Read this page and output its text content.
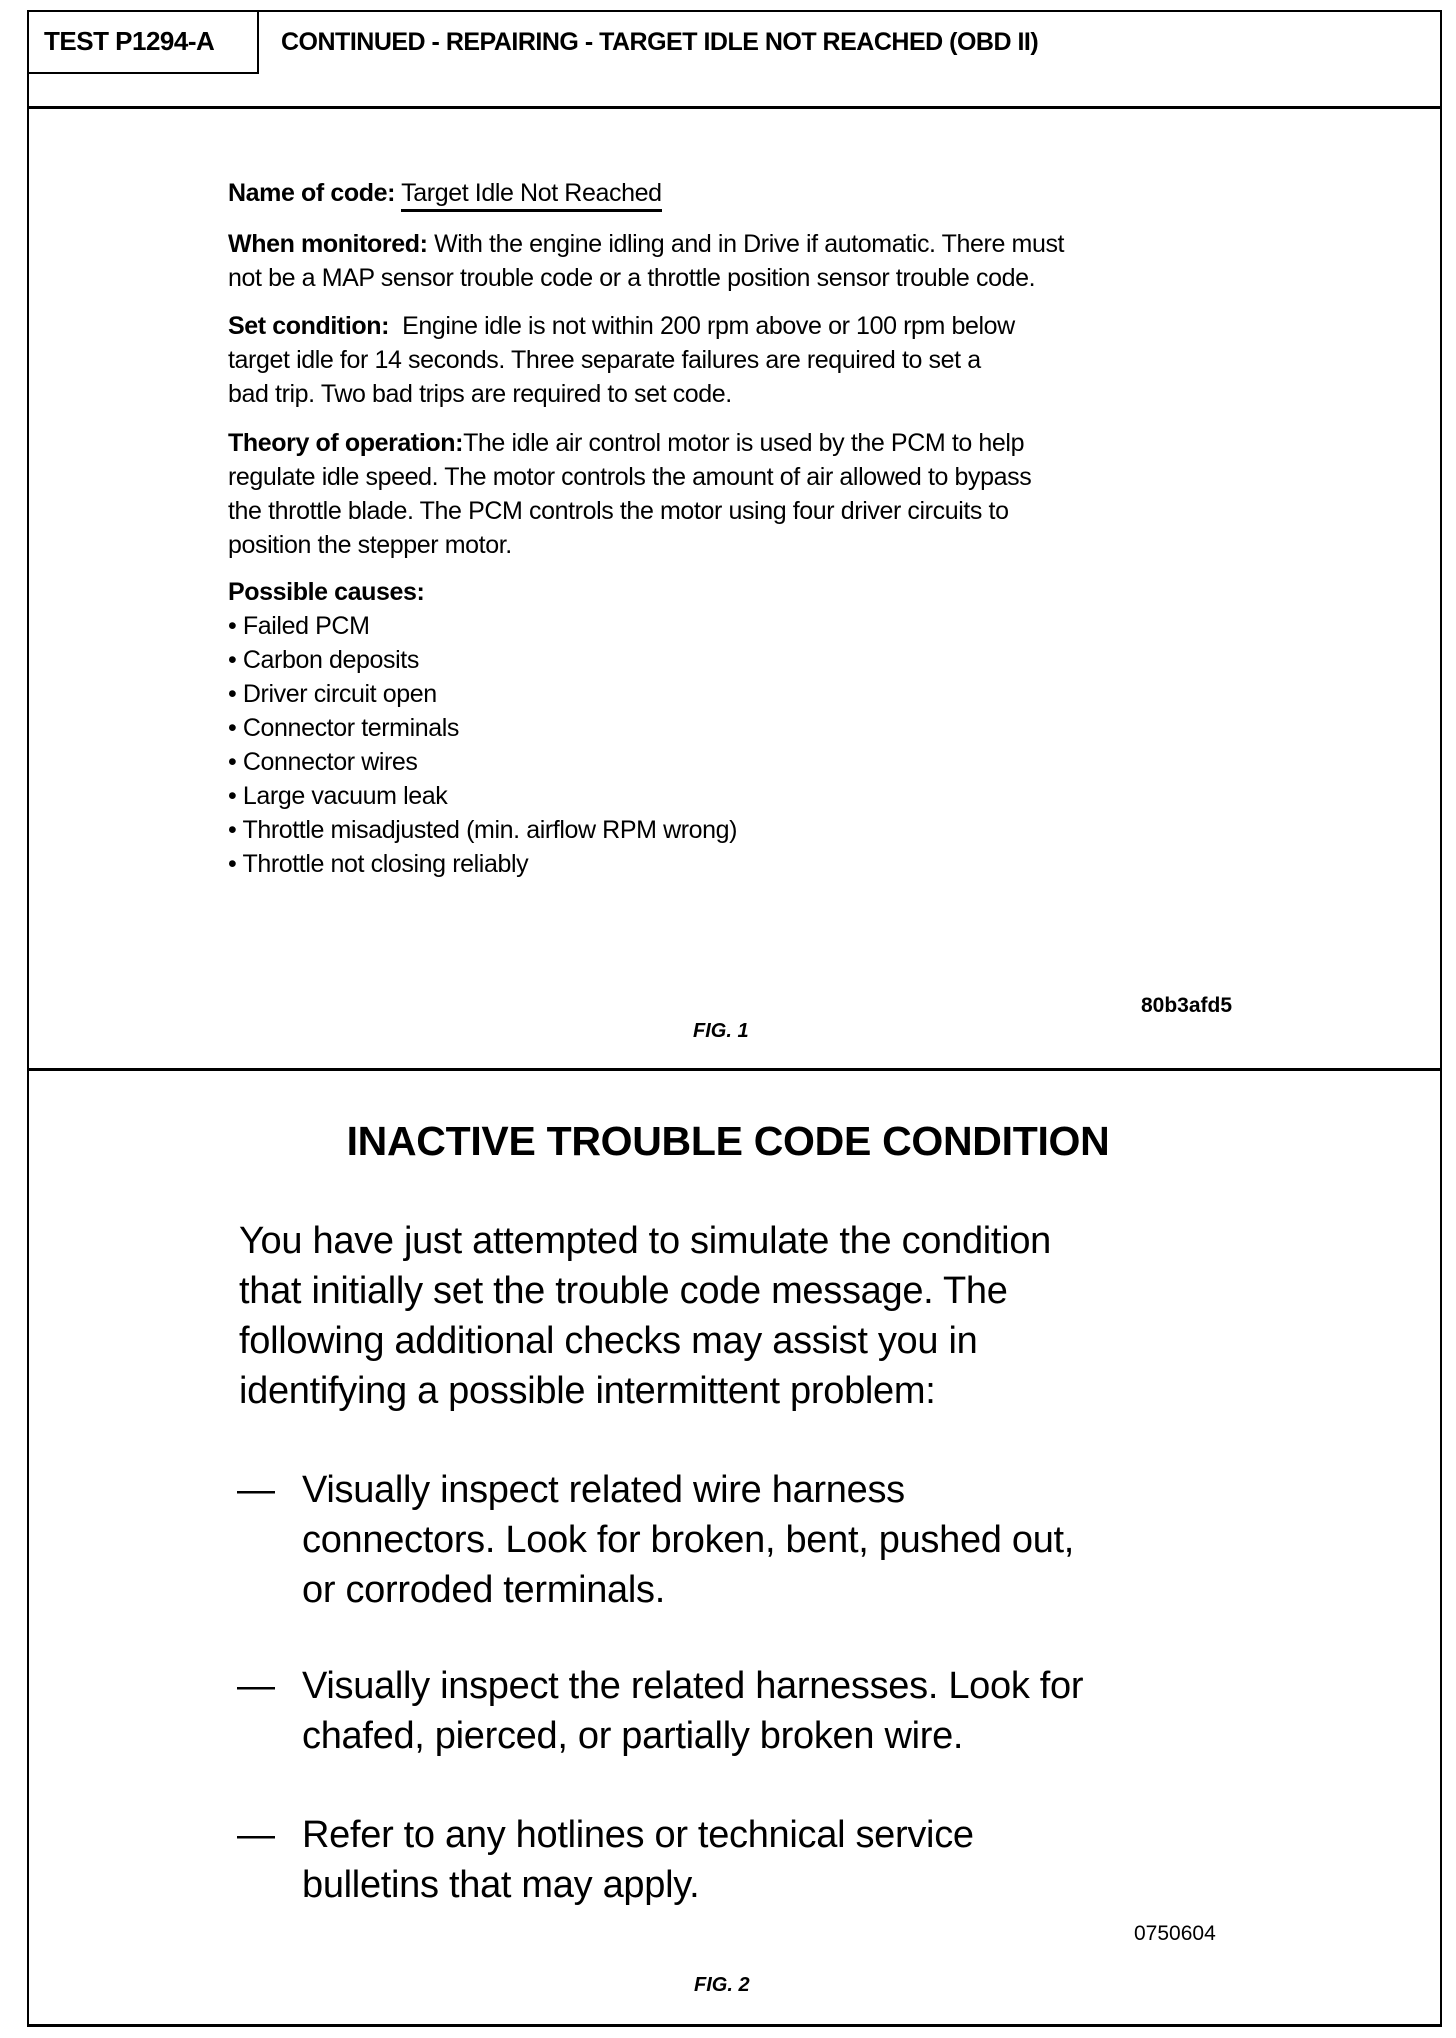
TEST P1294-A	CONTINUED - REPAIRING - TARGET IDLE NOT REACHED (OBD II)
Name of code: Target Idle Not Reached
When monitored: With the engine idling and in Drive if automatic. There must
not be a MAP sensor trouble code or a throttle position sensor trouble code.
Set condition:  Engine idle is not within 200 rpm above or 100 rpm below
target idle for 14 seconds. Three separate failures are required to set a
bad trip. Two bad trips are required to set code.
Theory of operation:The idle air control motor is used by the PCM to help
regulate idle speed. The motor controls the amount of air allowed to bypass
the throttle blade. The PCM controls the motor using four driver circuits to
position the stepper motor.
Possible causes:
• Failed PCM
• Carbon deposits
• Driver circuit open
• Connector terminals
• Connector wires
• Large vacuum leak
• Throttle misadjusted (min. airflow RPM wrong)
• Throttle not closing reliably
80b3afd5
FIG. 1
INACTIVE TROUBLE CODE CONDITION
You have just attempted to simulate the condition
that initially set the trouble code message. The
following additional checks may assist you in
identifying a possible intermittent problem:
— Visually inspect related wire harness
connectors. Look for broken, bent, pushed out,
or corroded terminals.
— Visually inspect the related harnesses. Look for
chafed, pierced, or partially broken wire.
— Refer to any hotlines or technical service
bulletins that may apply.
0750604
FIG. 2
